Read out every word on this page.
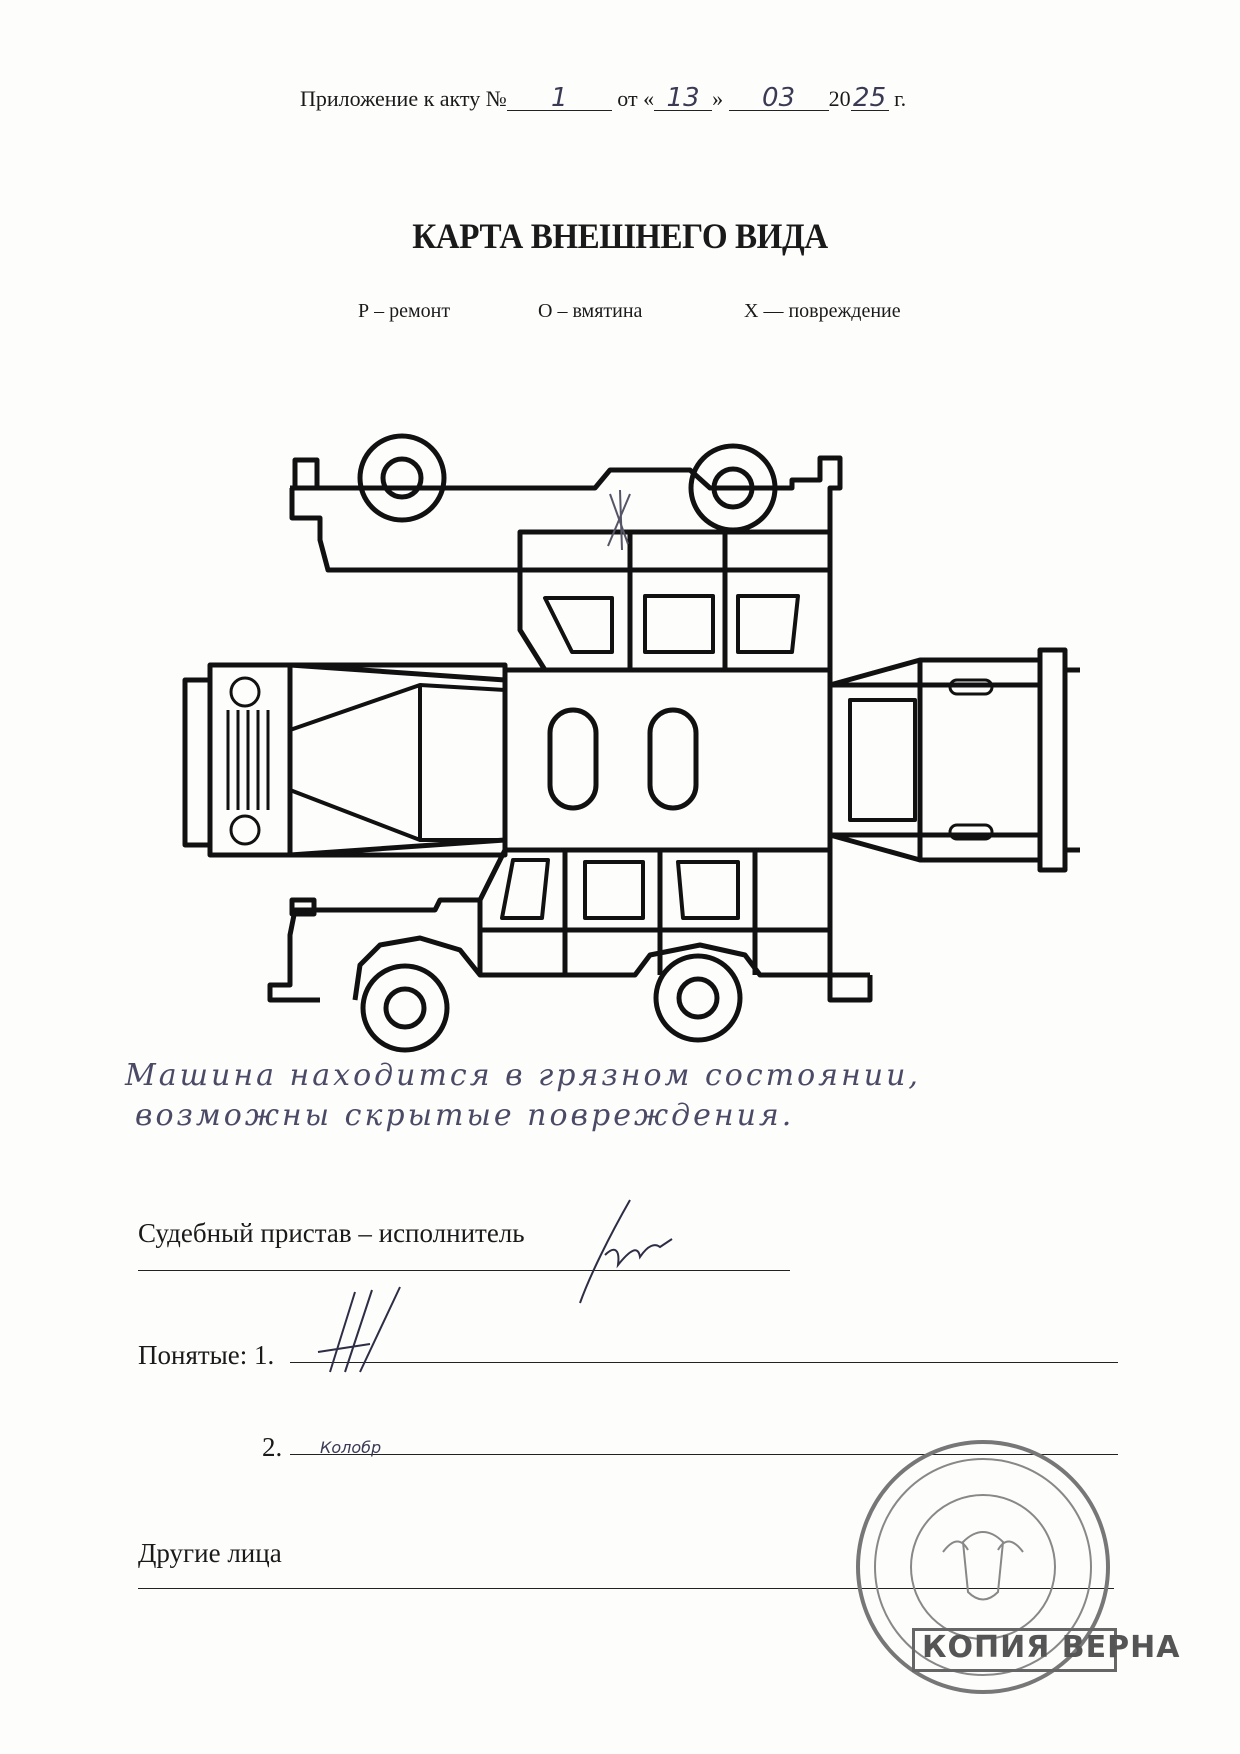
Приложение к акту № 1 от « 13 » 03 2025 г.
КАРТА ВНЕШНЕГО ВИДА
Р – ремонт	О – вмятина	Х — повреждение
Машина находится в грязном состоянии,
возможны скрытые повреждения.
Судебный пристав – исполнитель
Понятые: 1.
2. Колобр
Другие лица
КОПИЯ ВЕРНА
